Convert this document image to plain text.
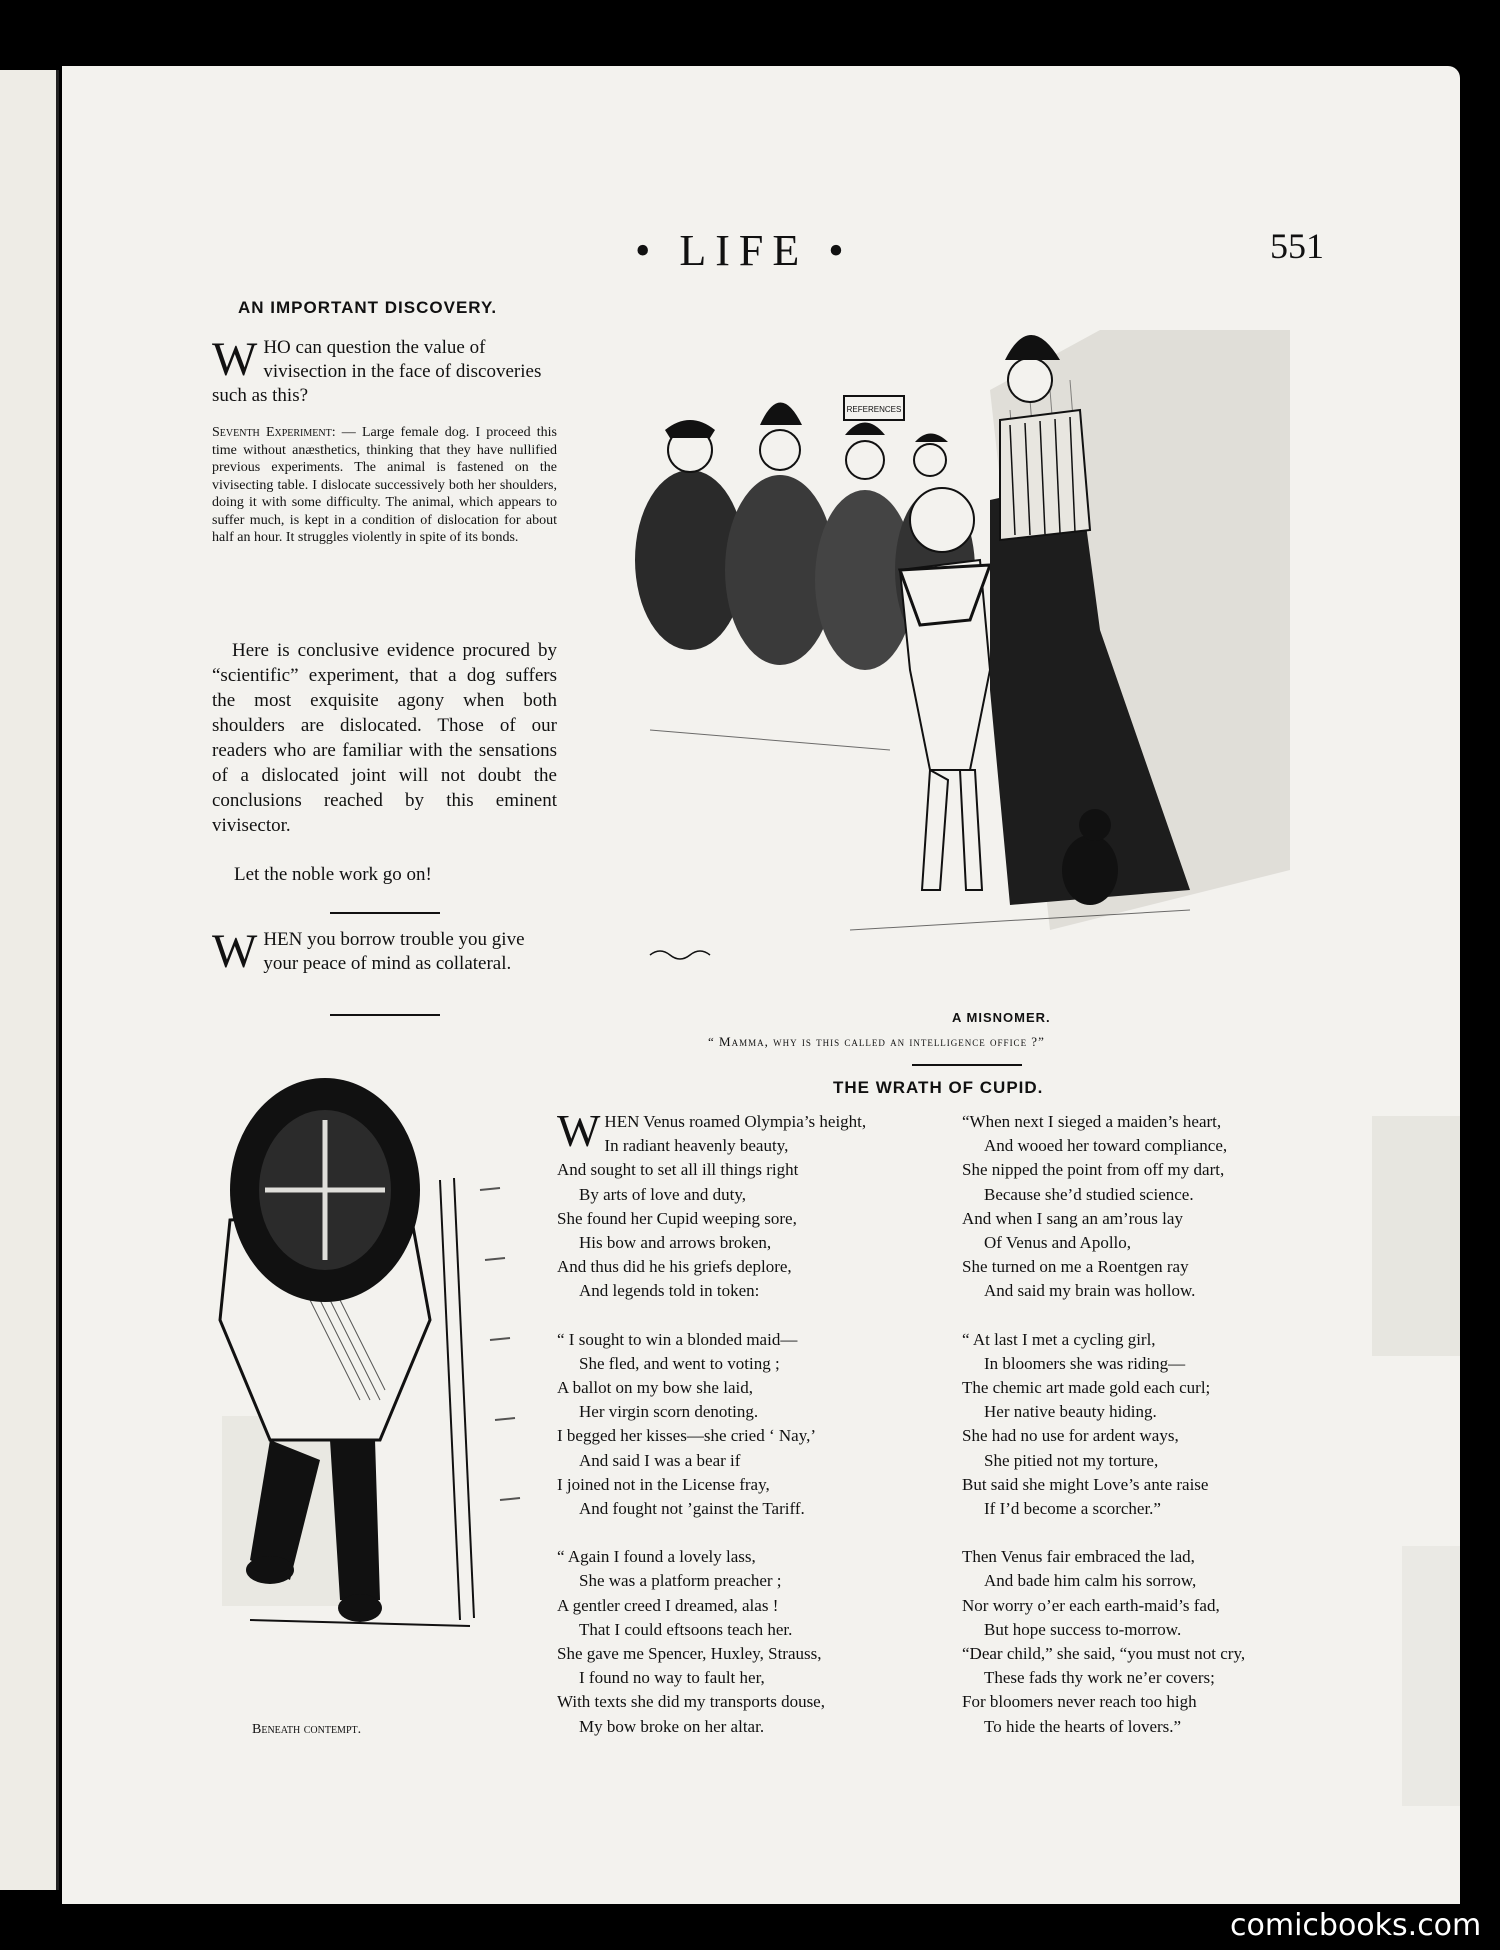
• LIFE •	551
AN IMPORTANT DISCOVERY.
W HO can question the value of vivisection in the face of discoveries such as this?
Seventh Experiment: — Large female dog. I proceed this time without anæsthetics, thinking that they have nullified previous experiments. The animal is fastened on the vivisecting table. I dislocate successively both her shoulders, doing it with some difficulty. The animal, which appears to suffer much, is kept in a condition of dislocation for about half an hour. It struggles violently in spite of its bonds.
Here is conclusive evidence procured by “scientific” experiment, that a dog suffers the most exquisite agony when both shoulders are dislocated. Those of our readers who are familiar with the sensations of a dislocated joint will not doubt the conclusions reached by this eminent vivisector.
Let the noble work go on!
W HEN you borrow trouble you give your peace of mind as collateral.
REFERENCES
A MISNOMER.
“ Mamma, why is this called an intelligence office ?”
THE WRATH OF CUPID.
W HEN Venus roamed Olympia’s height,
In radiant heavenly beauty,
And sought to set all ill things right
By arts of love and duty,
She found her Cupid weeping sore,
His bow and arrows broken,
And thus did he his griefs deplore,
And legends told in token:
“ I sought to win a blonded maid—
She fled, and went to voting ;
A ballot on my bow she laid,
Her virgin scorn denoting.
I begged her kisses—she cried ‘ Nay,’
And said I was a bear if
I joined not in the License fray,
And fought not ’gainst the Tariff.
“ Again I found a lovely lass,
She was a platform preacher ;
A gentler creed I dreamed, alas !
That I could eftsoons teach her.
She gave me Spencer, Huxley, Strauss,
I found no way to fault her,
With texts she did my transports douse,
My bow broke on her altar.
“When next I sieged a maiden’s heart,
And wooed her toward compliance,
She nipped the point from off my dart,
Because she’d studied science.
And when I sang an am’rous lay
Of Venus and Apollo,
She turned on me a Roentgen ray
And said my brain was hollow.
“ At last I met a cycling girl,
In bloomers she was riding—
The chemic art made gold each curl;
Her native beauty hiding.
She had no use for ardent ways,
She pitied not my torture,
But said she might Love’s ante raise
If I’d become a scorcher.”
Then Venus fair embraced the lad,
And bade him calm his sorrow,
Nor worry o’er each earth-maid’s fad,
But hope success to-morrow.
“Dear child,” she said, “you must not cry,
These fads thy work ne’er covers;
For bloomers never reach too high
To hide the hearts of lovers.”
Beneath contempt.
comicbooks.com
